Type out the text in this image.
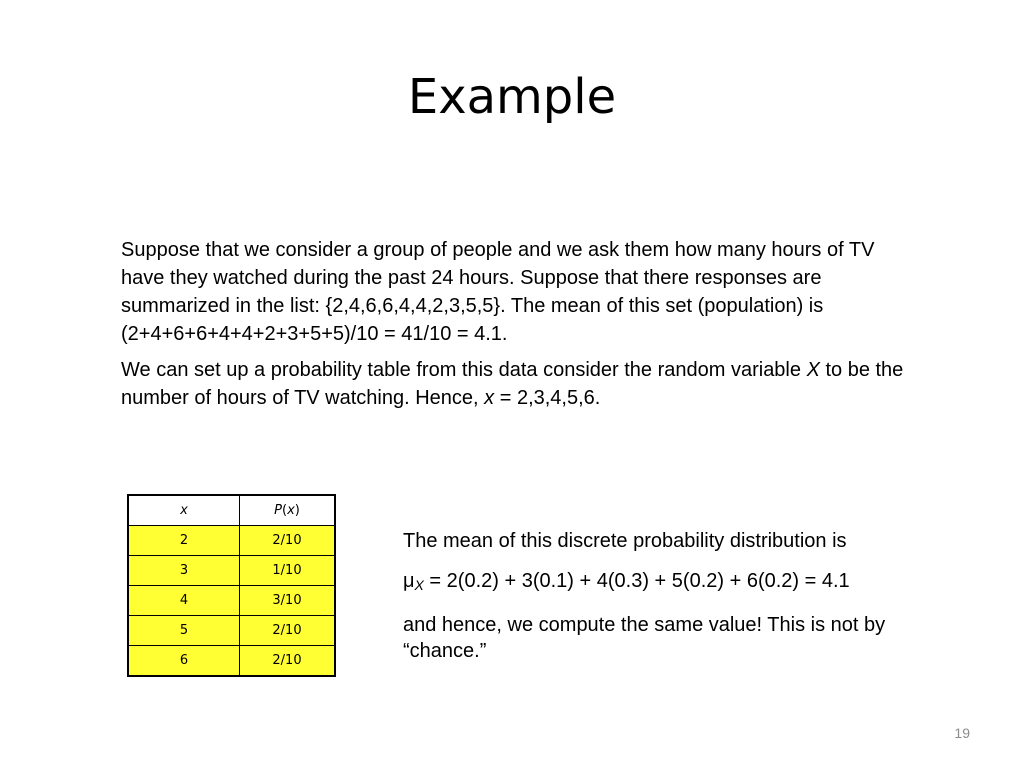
Example

Suppose that we consider a group of people and we ask them how many hours of TV have they watched during the past 24 hours. Suppose that there responses are summarized in the list: {2,4,6,6,4,4,2,3,5,5}. The mean of this set (population) is (2+4+6+6+4+4+2+3+5+5)/10 = 41/10 = 4.1.

We can set up a probability table from this data consider the random variable X to be the number of hours of TV watching. Hence, x = 2,3,4,5,6.

x	P(x)
2	2/10
3	1/10
4	3/10
5	2/10
6	2/10

The mean of this discrete probability distribution is

$\mu_X = 2(0.2) + 3(0.1) + 4(0.3) + 5(0.2) + 6(0.2) = 4.1$

and hence, we compute the same value! This is not by “chance.”

19
